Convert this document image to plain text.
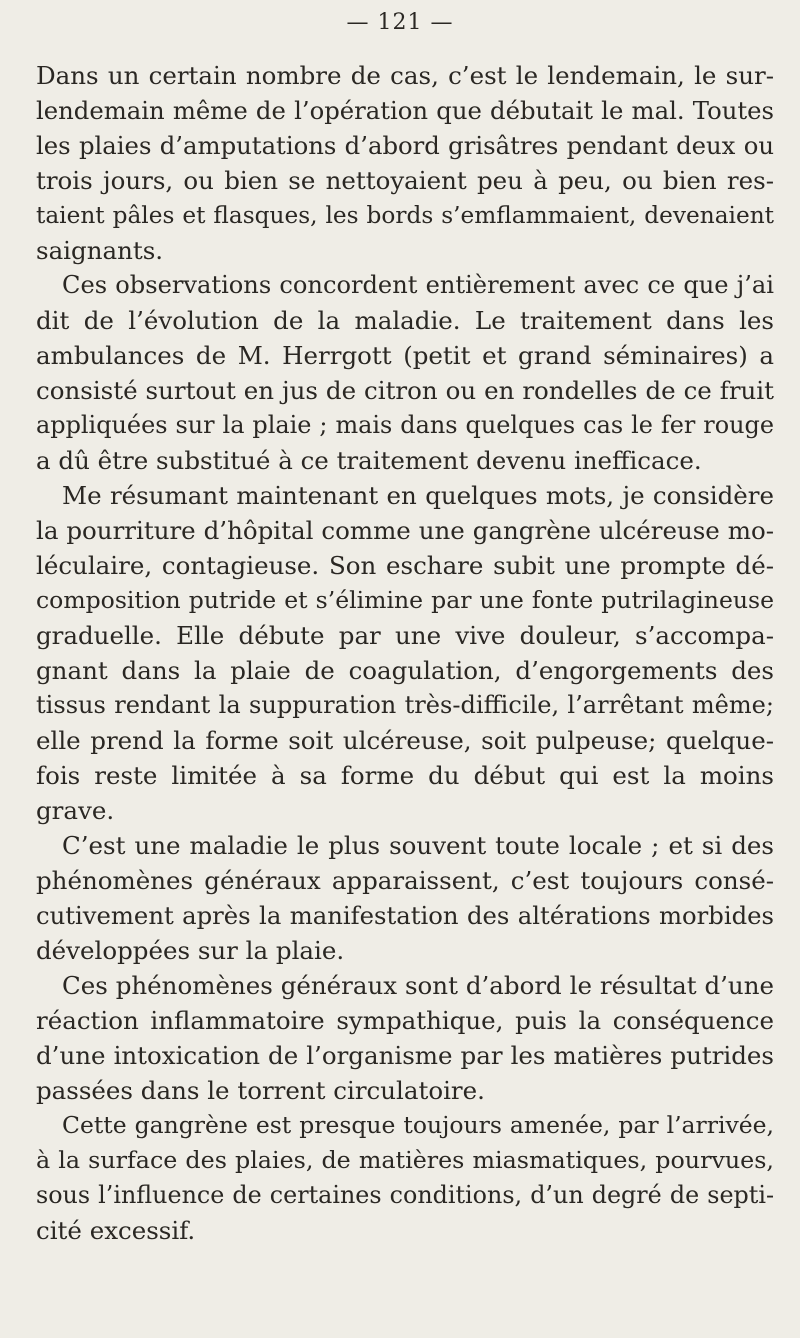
— 121 —
Dans un certain nombre de cas, c’est le lendemain, le sur-
lendemain même de l’opération que débutait le mal. Toutes
les plaies d’amputations d’abord grisâtres pendant deux ou
trois jours, ou bien se nettoyaient peu à peu, ou bien res-
taient pâles et flasques, les bords s’emflammaient, devenaient
saignants.
Ces observations concordent entièrement avec ce que j’ai
dit de l’évolution de la maladie. Le traitement dans les
ambulances de M. Herrgott (petit et grand séminaires) a
consisté surtout en jus de citron ou en rondelles de ce fruit
appliquées sur la plaie ; mais dans quelques cas le fer rouge
a dû être substitué à ce traitement devenu inefficace.
Me résumant maintenant en quelques mots, je considère
la pourriture d’hôpital comme une gangrène ulcéreuse mo-
léculaire, contagieuse. Son eschare subit une prompte dé-
composition putride et s’élimine par une fonte putrilagineuse
graduelle. Elle débute par une vive douleur, s’accompa-
gnant dans la plaie de coagulation, d’engorgements des
tissus rendant la suppuration très-difficile, l’arrêtant même;
elle prend la forme soit ulcéreuse, soit pulpeuse; quelque-
fois reste limitée à sa forme du début qui est la moins
grave.
C’est une maladie le plus souvent toute locale ; et si des
phénomènes généraux apparaissent, c’est toujours consé-
cutivement après la manifestation des altérations morbides
développées sur la plaie.
Ces phénomènes généraux sont d’abord le résultat d’une
réaction inflammatoire sympathique, puis la conséquence
d’une intoxication de l’organisme par les matières putrides
passées dans le torrent circulatoire.
Cette gangrène est presque toujours amenée, par l’arrivée,
à la surface des plaies, de matières miasmatiques, pourvues,
sous l’influence de certaines conditions, d’un degré de septi-
cité excessif.
